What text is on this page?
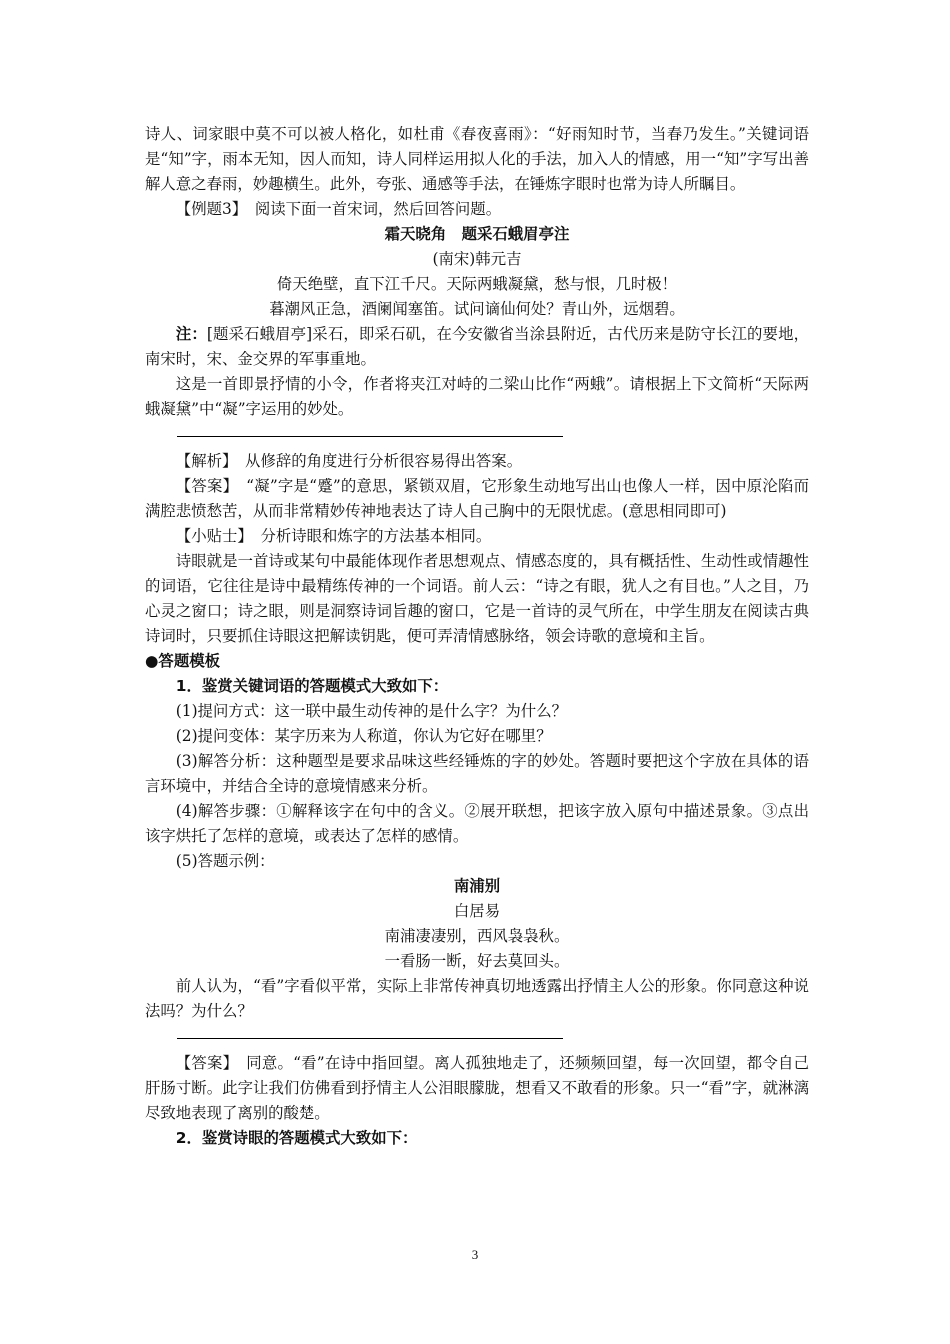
诗人、词家眼中莫不可以被人格化，如杜甫《春夜喜雨》：“好雨知时节，当春乃发生。”关键词语是“知”字，雨本无知，因人而知，诗人同样运用拟人化的手法，加入人的情感，用一“知”字写出善解人意之春雨，妙趣横生。此外，夸张、通感等手法，在锤炼字眼时也常为诗人所瞩目。

【例题3】　阅读下面一首宋词，然后回答问题。

霜天晓角　题采石蛾眉亭注

(南宋)韩元吉

倚天绝壁，直下江千尺。天际两蛾凝黛，愁与恨，几时极！

暮潮风正急，酒阑闻塞笛。试问谪仙何处？青山外，远烟碧。

注：[题采石蛾眉亭]采石，即采石矶，在今安徽省当涂县附近，古代历来是防守长江的要地，南宋时，宋、金交界的军事重地。

这是一首即景抒情的小令，作者将夹江对峙的二梁山比作“两蛾”。请根据上下文简析“天际两蛾凝黛”中“凝”字运用的妙处。

【解析】　从修辞的角度进行分析很容易得出答案。

【答案】　“凝”字是“蹙”的意思，紧锁双眉，它形象生动地写出山也像人一样，因中原沦陷而满腔悲愤愁苦，从而非常精妙传神地表达了诗人自己胸中的无限忧虑。(意思相同即可)

【小贴士】　分析诗眼和炼字的方法基本相同。

诗眼就是一首诗或某句中最能体现作者思想观点、情感态度的，具有概括性、生动性或情趣性的词语，它往往是诗中最精练传神的一个词语。前人云：“诗之有眼，犹人之有目也。”人之目，乃心灵之窗口；诗之眼，则是洞察诗词旨趣的窗口，它是一首诗的灵气所在，中学生朋友在阅读古典诗词时，只要抓住诗眼这把解读钥匙，便可弄清情感脉络，领会诗歌的意境和主旨。

●答题模板

1．鉴赏关键词语的答题模式大致如下：

(1)提问方式：这一联中最生动传神的是什么字？为什么？

(2)提问变体：某字历来为人称道，你认为它好在哪里？

(3)解答分析：这种题型是要求品味这些经锤炼的字的妙处。答题时要把这个字放在具体的语言环境中，并结合全诗的意境情感来分析。

(4)解答步骤：①解释该字在句中的含义。②展开联想，把该字放入原句中描述景象。③点出该字烘托了怎样的意境，或表达了怎样的感情。

(5)答题示例：

南浦别

白居易

南浦凄凄别，西风袅袅秋。

一看肠一断，好去莫回头。

前人认为，“看”字看似平常，实际上非常传神真切地透露出抒情主人公的形象。你同意这种说法吗？为什么？

【答案】　同意。“看”在诗中指回望。离人孤独地走了，还频频回望，每一次回望，都令自己肝肠寸断。此字让我们仿佛看到抒情主人公泪眼朦胧，想看又不敢看的形象。只一“看”字，就淋漓尽致地表现了离别的酸楚。

2．鉴赏诗眼的答题模式大致如下：

3
